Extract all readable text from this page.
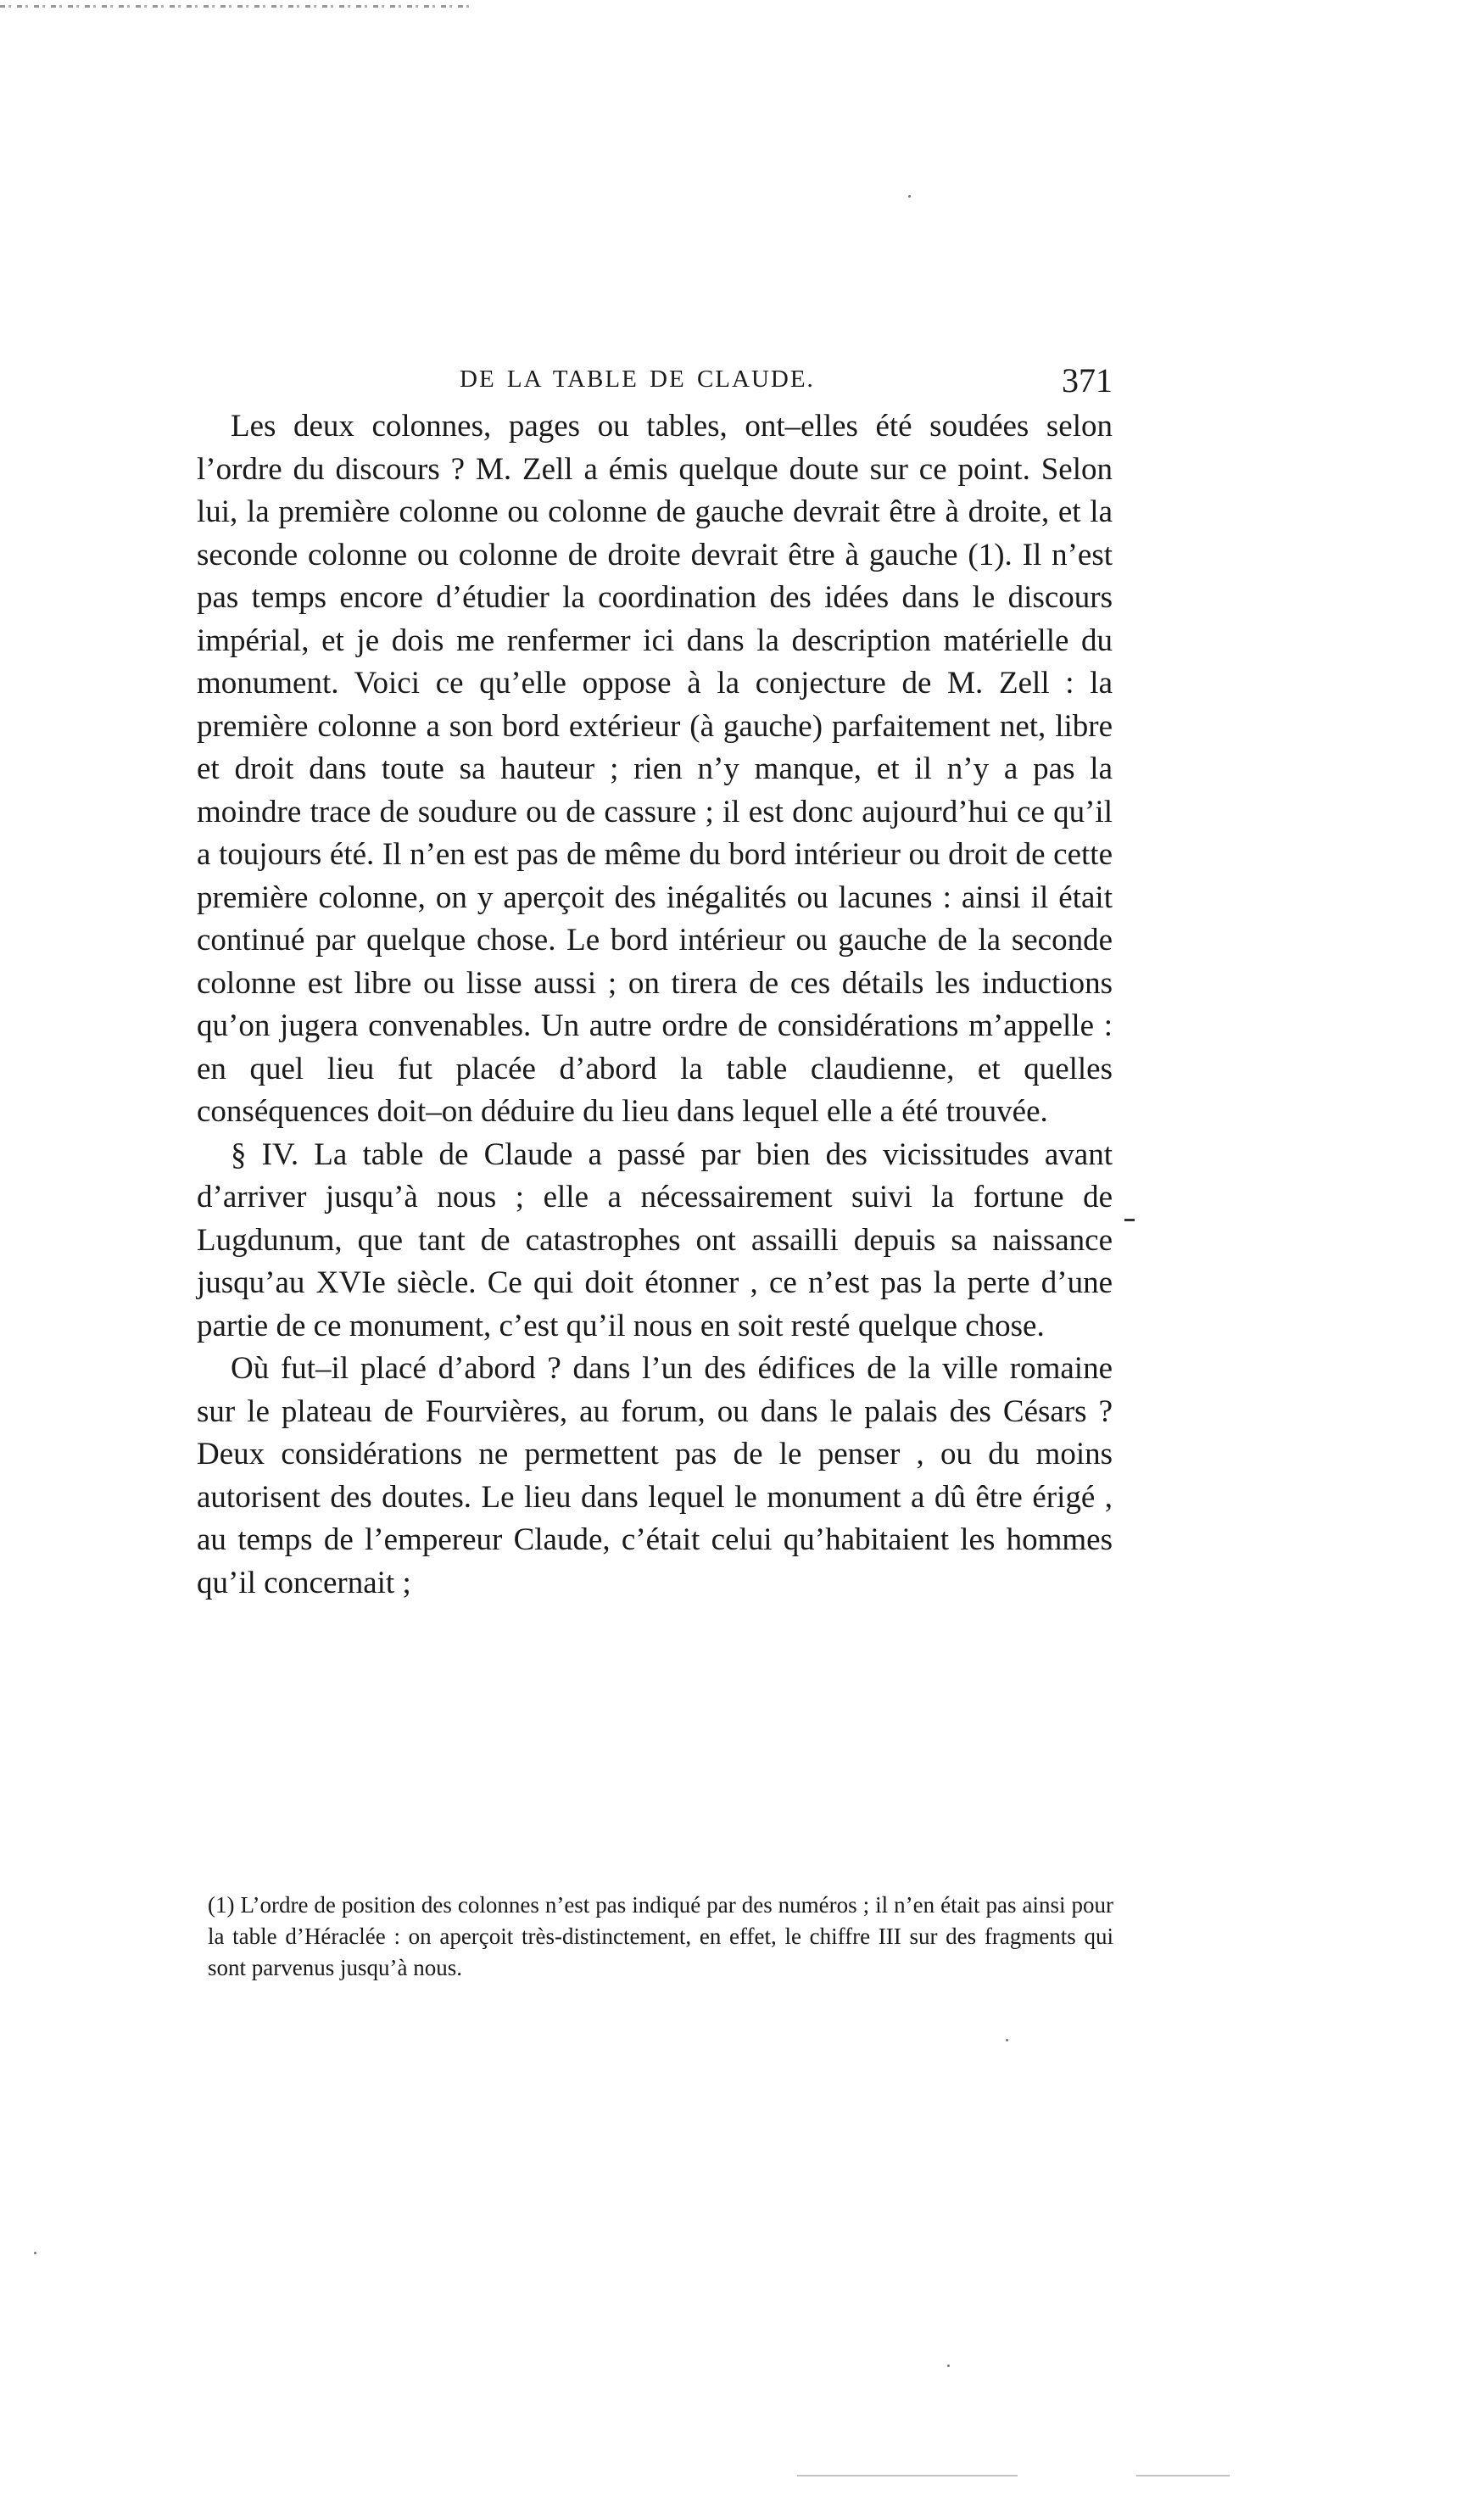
DE LA TABLE DE CLAUDE.	371

Les deux colonnes, pages ou tables, ont–elles été soudées selon l’ordre du discours ? M. Zell a émis quelque doute sur ce point. Selon lui, la première colonne ou colonne de gauche devrait être à droite, et la seconde colonne ou colonne de droite devrait être à gauche (1). Il n’est pas temps encore d’étudier la coordination des idées dans le discours impérial, et je dois me renfermer ici dans la description matérielle du monument. Voici ce qu’elle oppose à la conjecture de M. Zell : la première colonne a son bord extérieur (à gauche) parfaitement net, libre et droit dans toute sa hauteur ; rien n’y manque, et il n’y a pas la moindre trace de soudure ou de cassure ; il est donc aujourd’hui ce qu’il a toujours été. Il n’en est pas de même du bord intérieur ou droit de cette première colonne, on y aperçoit des inégalités ou lacunes : ainsi il était continué par quelque chose. Le bord intérieur ou gauche de la seconde colonne est libre ou lisse aussi ; on tirera de ces détails les inductions qu’on jugera convenables. Un autre ordre de considérations m’appelle : en quel lieu fut placée d’abord la table claudienne, et quelles conséquences doit–on déduire du lieu dans lequel elle a été trouvée.

§ IV. La table de Claude a passé par bien des vicissitudes avant d’arriver jusqu’à nous ; elle a nécessairement suivi la fortune de Lugdunum, que tant de catastrophes ont assailli depuis sa naissance jusqu’au XVIe siècle. Ce qui doit étonner , ce n’est pas la perte d’une partie de ce monument, c’est qu’il nous en soit resté quelque chose.

Où fut–il placé d’abord ? dans l’un des édifices de la ville romaine sur le plateau de Fourvières, au forum, ou dans le palais des Césars ? Deux considérations ne permettent pas de le penser , ou du moins autorisent des doutes. Le lieu dans lequel le monument a dû être érigé , au temps de l’empereur Claude, c’était celui qu’habitaient les hommes qu’il concernait ;

(1) L’ordre de position des colonnes n’est pas indiqué par des numéros ; il n’en était pas ainsi pour la table d’Héraclée : on aperçoit très-distinctement, en effet, le chiffre III sur des fragments qui sont parvenus jusqu’à nous.
